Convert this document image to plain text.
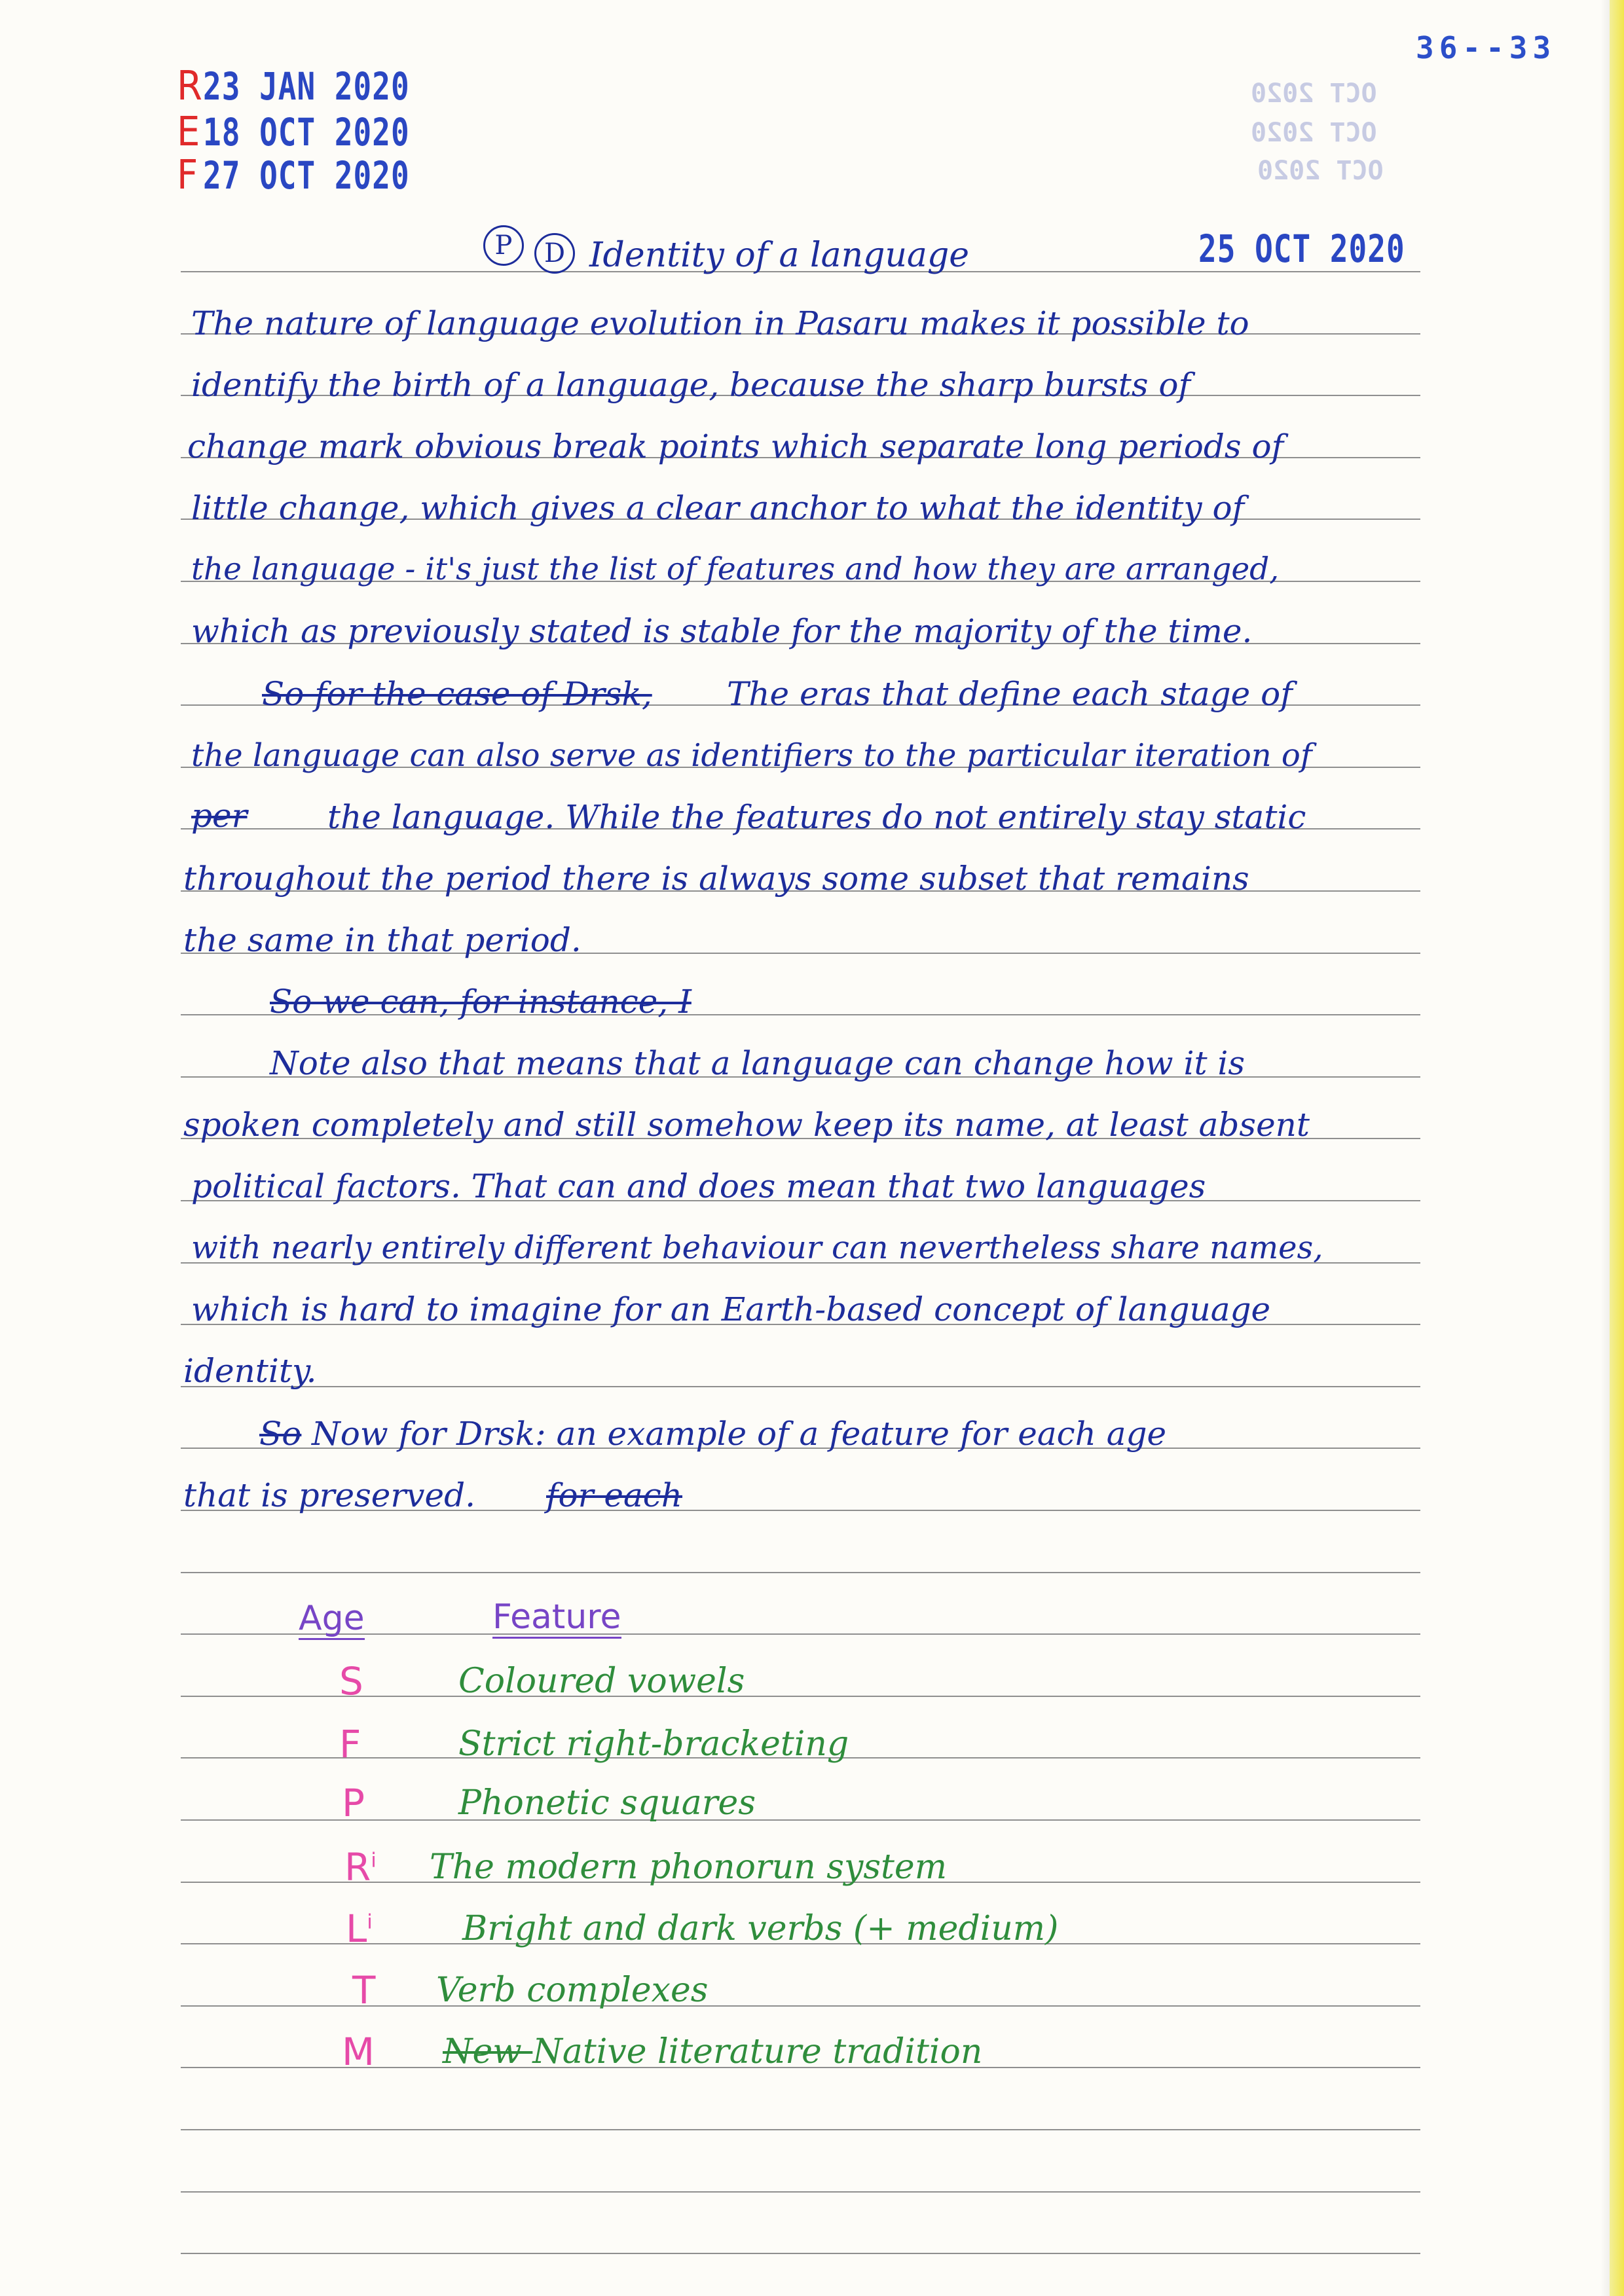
36--33
OCT 2020
OCT 2020
OCT 2020
R 23 JAN 2020
E 18 OCT 2020
F 27 OCT 2020
P	D Identity of a language	25 OCT 2020
The nature of language evolution in Pasaru makes it possible to
identify the birth of a language, because the sharp bursts of
change mark obvious break points which separate long periods of
little change, which gives a clear anchor to what the identity of
the language - it's just the list of features and how they are arranged,
which as previously stated is stable for the majority of the time.
So for the case of Drsk, The eras that define each stage of
the language can also serve as identifiers to the particular iteration of
per the language. While the features do not entirely stay static
throughout the period there is always some subset that remains
the same in that period.
So we can, for instance, I
Note also that means that a language can change how it is
spoken completely and still somehow keep its name, at least absent
political factors. That can and does mean that two languages
with nearly entirely different behaviour can nevertheless share names,
which is hard to imagine for an Earth-based concept of language
identity.
So Now for Drsk: an example of a feature for each age
that is preserved. for each
Age	Feature
S	Coloured vowels
F	Strict right-bracketing
P	Phonetic squares
$R^i$ The modern phonorun system
$L^i$	Bright and dark verbs (+ medium)
T Verb complexes
M New Native literature tradition
